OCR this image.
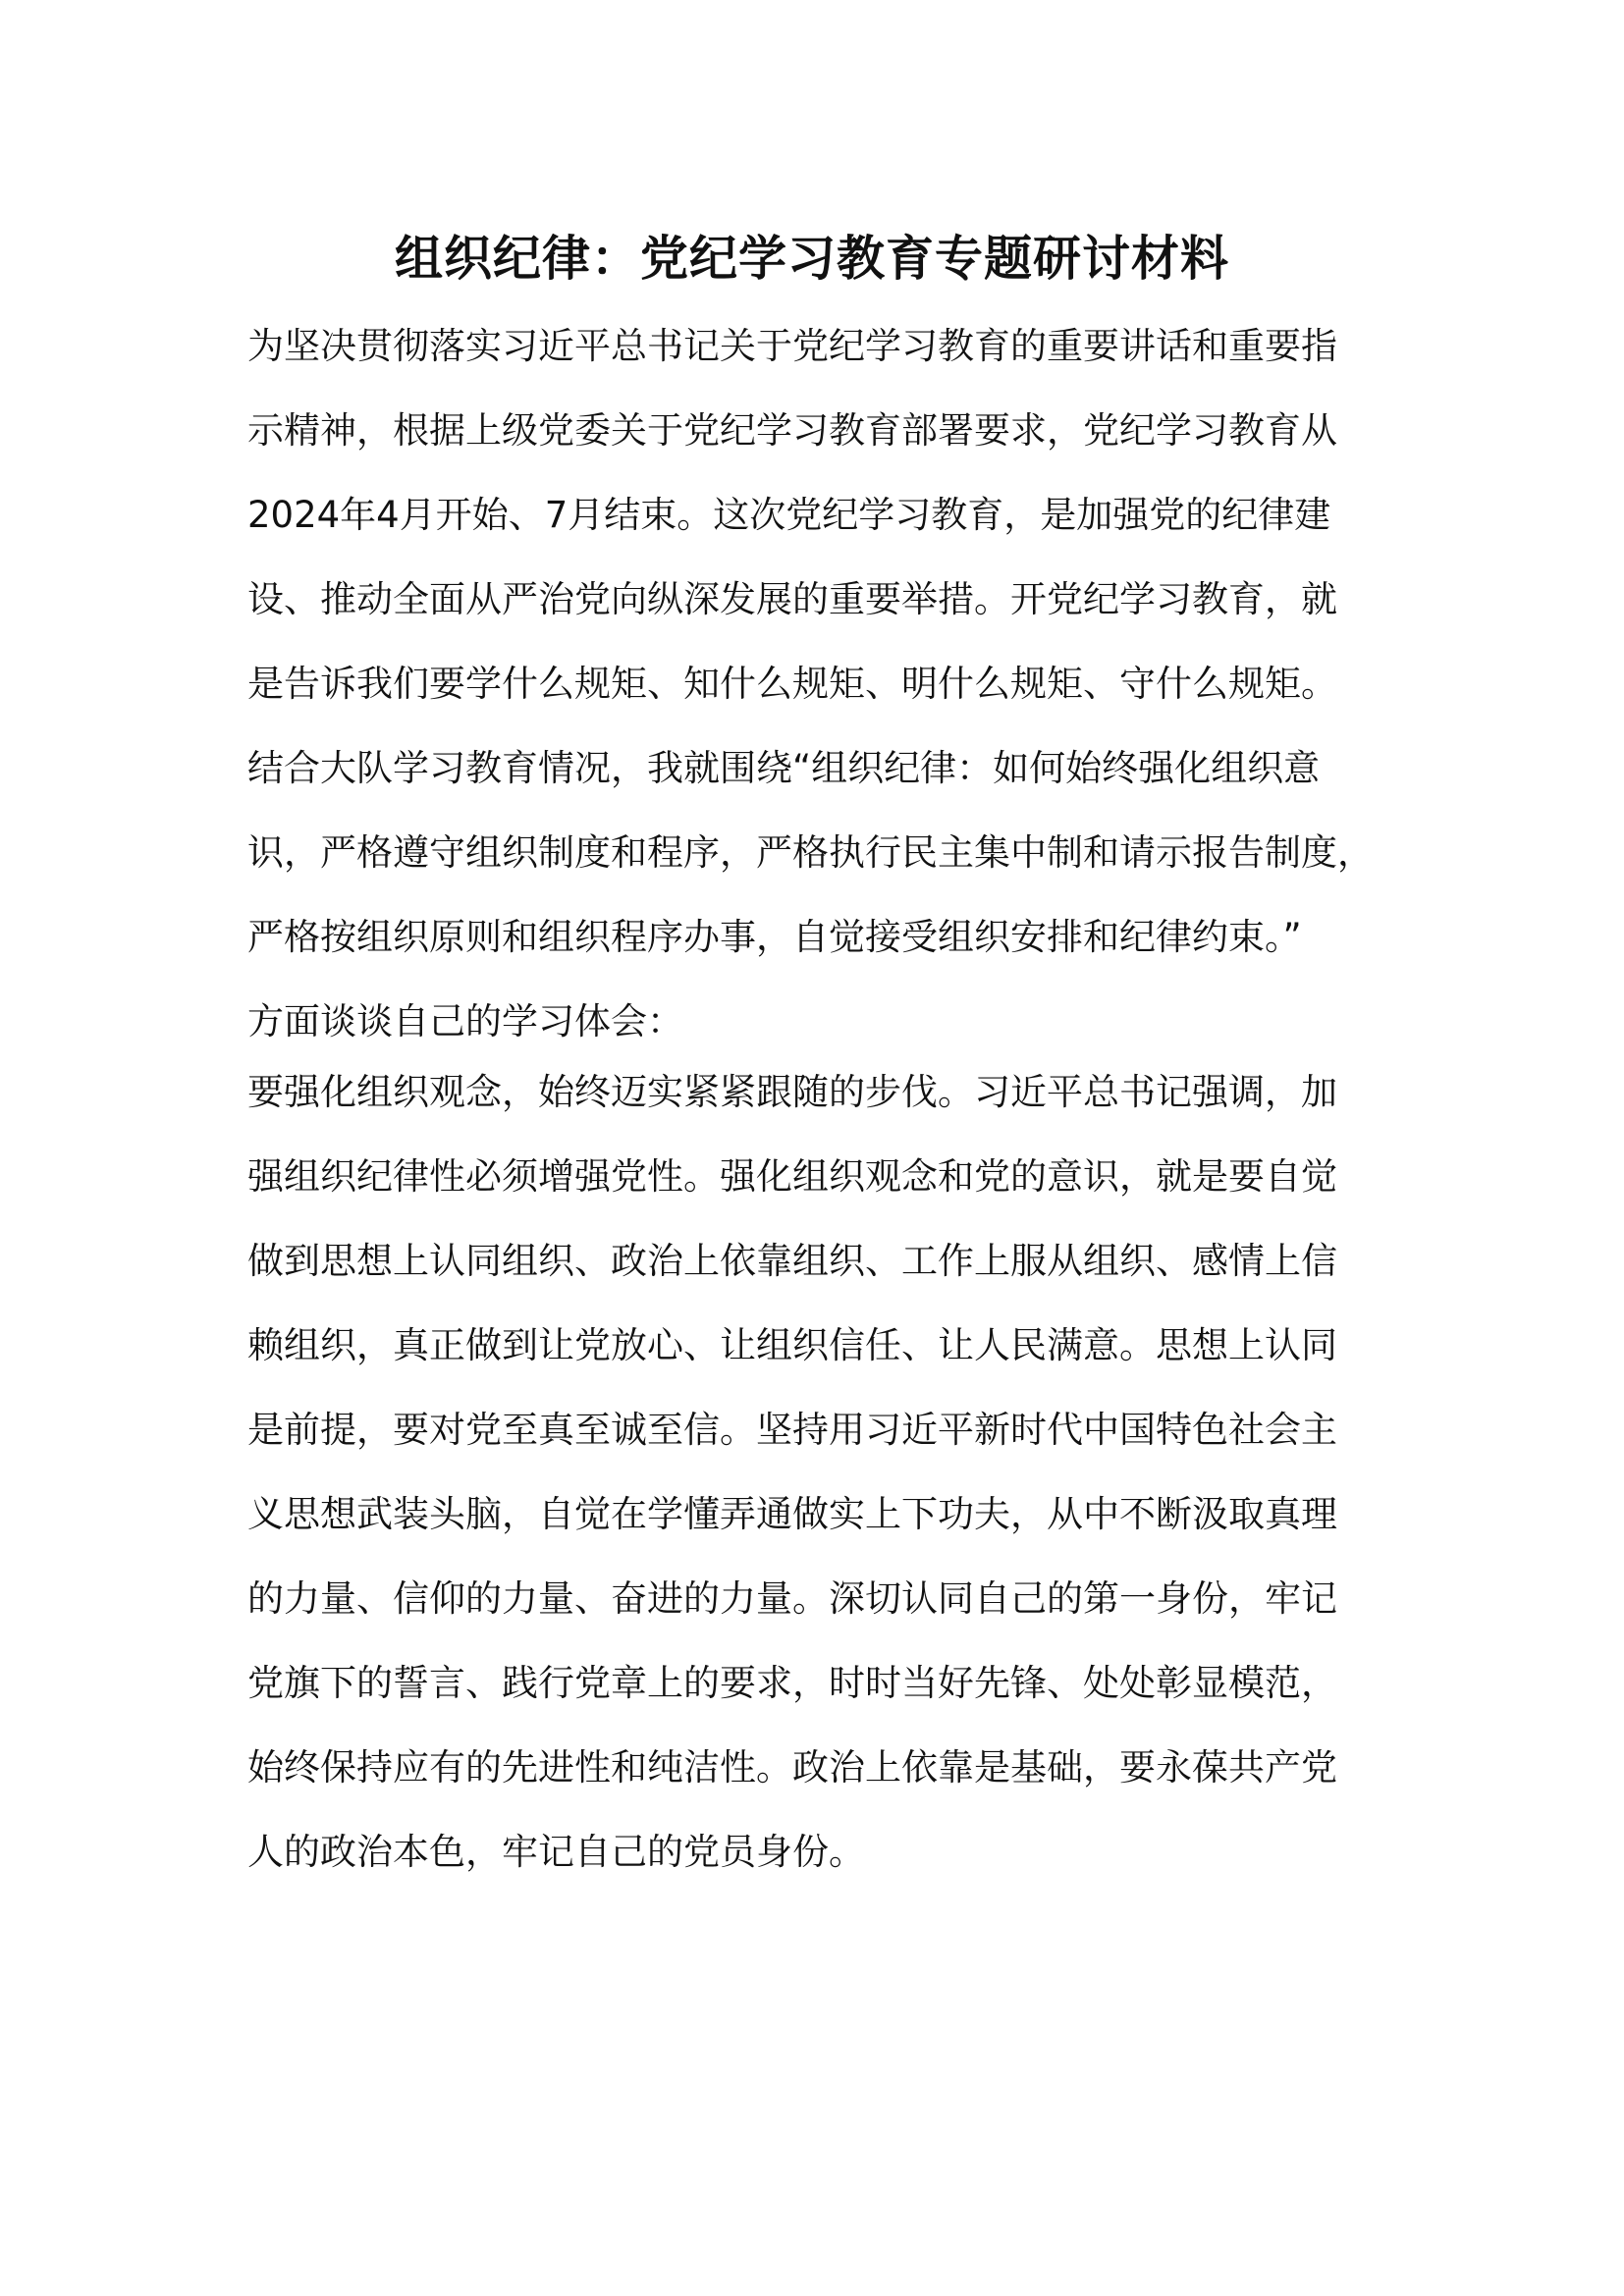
组织纪律：党纪学习教育专题研讨材料
为坚决贯彻落实习近平总书记关于党纪学习教育的重要讲话和重要指
示精神，根据上级党委关于党纪学习教育部署要求，党纪学习教育从
2024年4月开始、7月结束。这次党纪学习教育，是加强党的纪律建
设、推动全面从严治党向纵深发展的重要举措。开党纪学习教育，就
是告诉我们要学什么规矩、知什么规矩、明什么规矩、守什么规矩。
结合大队学习教育情况，我就围绕“组织纪律：如何始终强化组织意
识，严格遵守组织制度和程序，严格执行民主集中制和请示报告制度，
严格按组织原则和组织程序办事，自觉接受组织安排和纪律约束。”
方面谈谈自己的学习体会：
要强化组织观念，始终迈实紧紧跟随的步伐。习近平总书记强调，加
强组织纪律性必须增强党性。强化组织观念和党的意识，就是要自觉
做到思想上认同组织、政治上依靠组织、工作上服从组织、感情上信
赖组织，真正做到让党放心、让组织信任、让人民满意。思想上认同
是前提，要对党至真至诚至信。坚持用习近平新时代中国特色社会主
义思想武装头脑，自觉在学懂弄通做实上下功夫，从中不断汲取真理
的力量、信仰的力量、奋进的力量。深切认同自己的第一身份，牢记
党旗下的誓言、践行党章上的要求，时时当好先锋、处处彰显模范，
始终保持应有的先进性和纯洁性。政治上依靠是基础，要永葆共产党
人的政治本色，牢记自己的党员身份。
